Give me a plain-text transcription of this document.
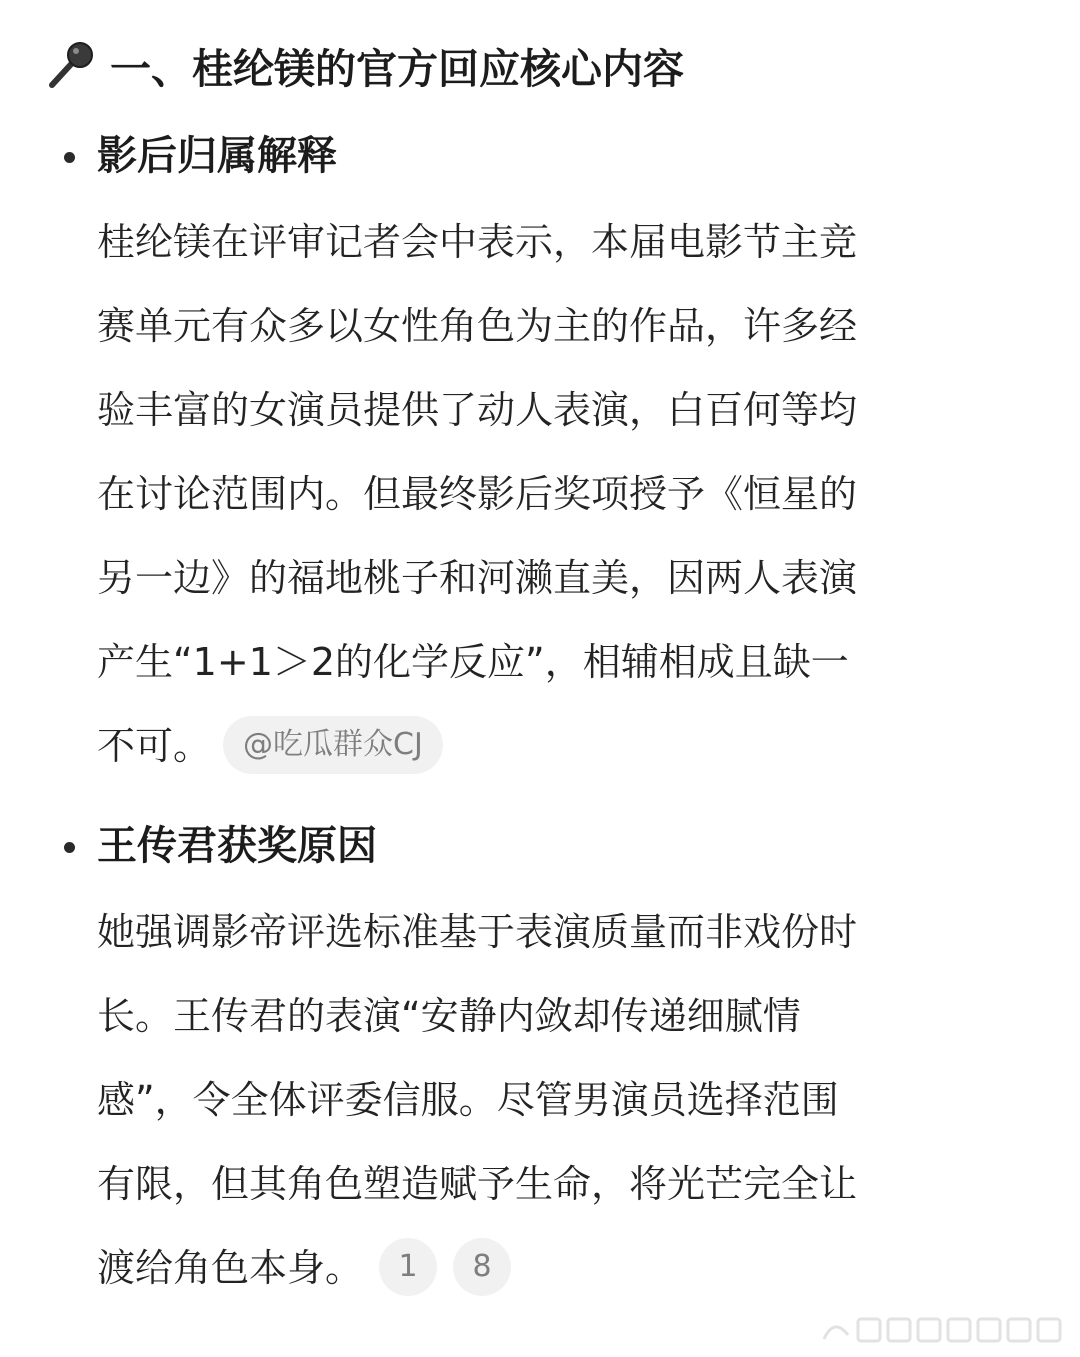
一、桂纶镁的官方回应核心内容
影后归属解释
桂纶镁在评审记者会中表示，本届电影节主竞
赛单元有众多以女性角色为主的作品，许多经
验丰富的女演员提供了动人表演，白百何等均
在讨论范围内。但最终影后奖项授予《恒星的
另一边》的福地桃子和河濑直美，因两人表演
产生“1+1＞2的化学反应”，相辅相成且缺一
不可。 @吃瓜群众CJ
王传君获奖原因
她强调影帝评选标准基于表演质量而非戏份时
长。王传君的表演“安静内敛却传递细腻情
感”，令全体评委信服。尽管男演员选择范围
有限，但其角色塑造赋予生命，将光芒完全让
渡给角色本身。 1 8
